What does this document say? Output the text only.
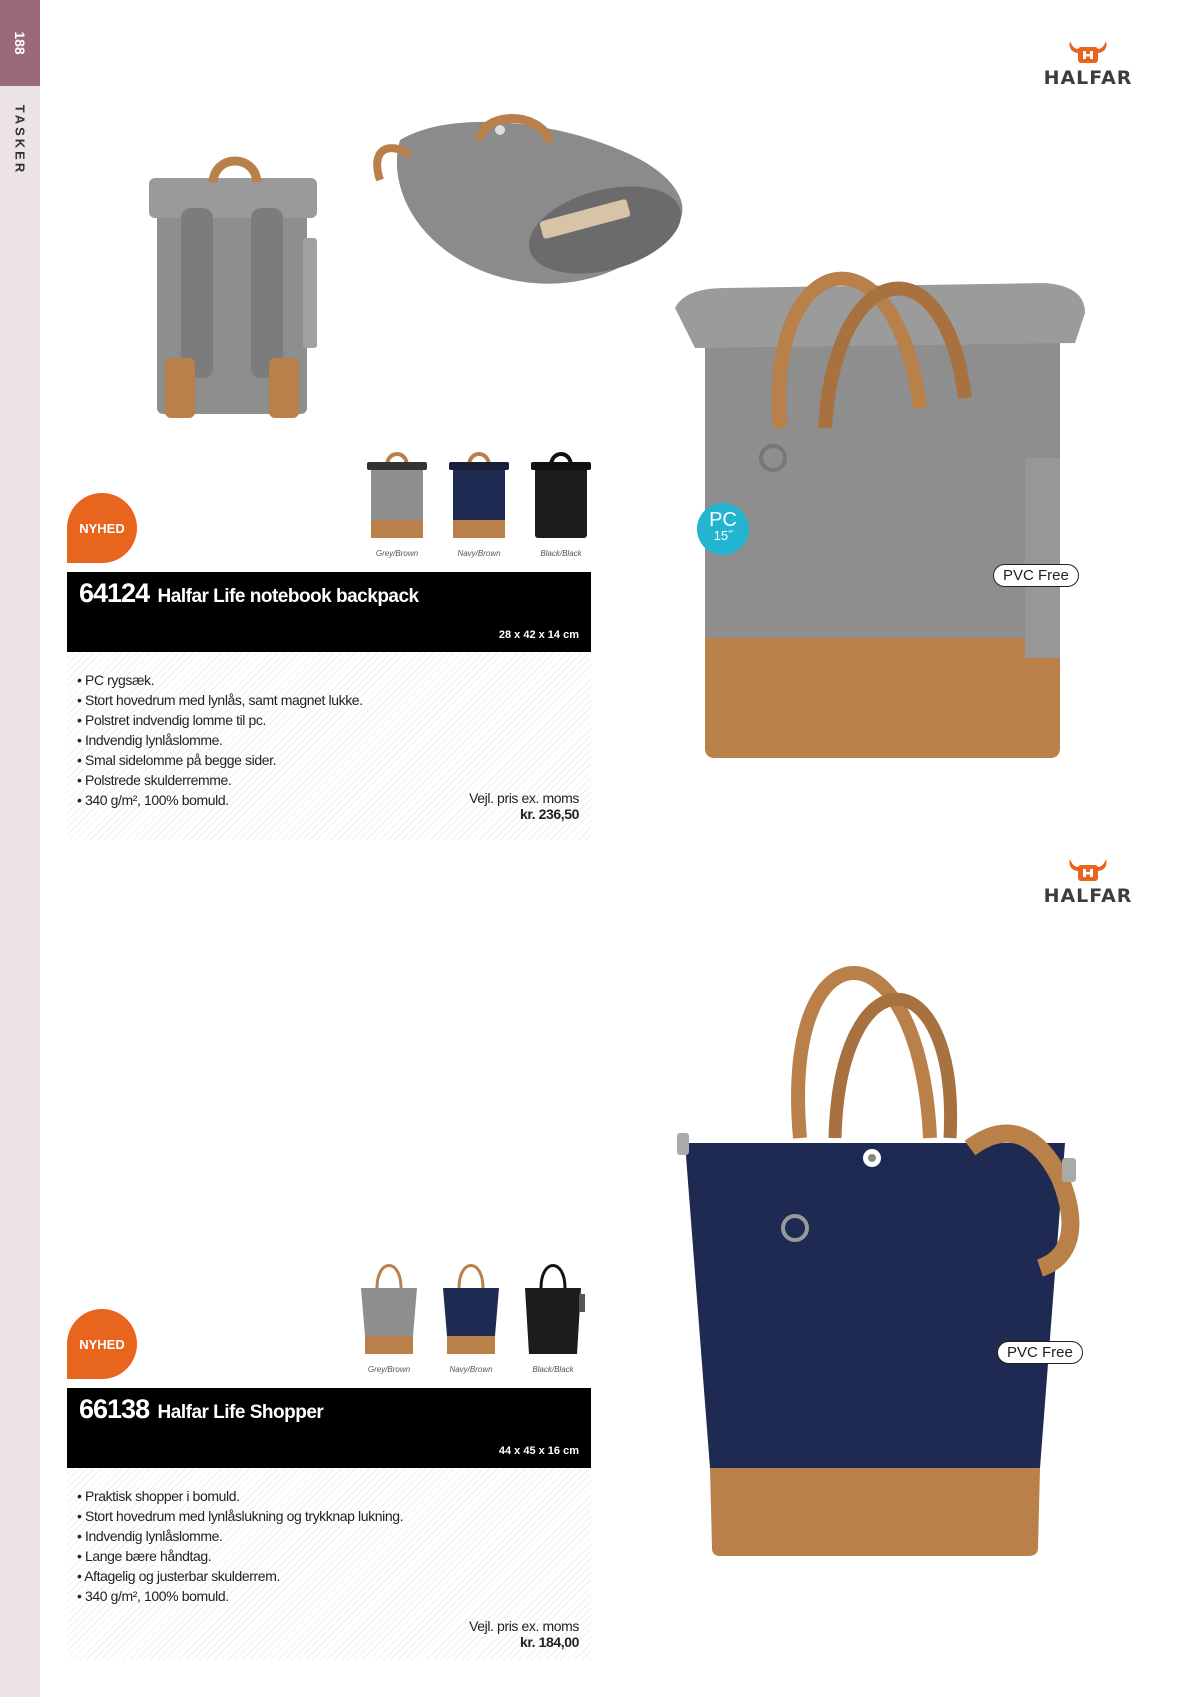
188
TASKER
HALFAR
Grey/Brown	Navy/Brown	Black/Black
NYHED	PC
15˝
PVC Free
64124 Halfar Life notebook backpack
28 x 42 x 14 cm
• PC rygsæk.
• Stort hovedrum med lynlås, samt magnet lukke.
• Polstret indvendig lomme til pc.
• Indvendig lynlåslomme.
• Smal sidelomme på begge sider.
• Polstrede skulderremme.
• 340 g/m², 100% bomuld.	Vejl. pris ex. moms
kr. 236,50
HALFAR
Grey/Brown	Navy/Brown	Black/Black
NYHED	PVC Free
66138 Halfar Life Shopper
44 x 45 x 16 cm
• Praktisk shopper i bomuld.
• Stort hovedrum med lynlåslukning og trykknap lukning.
• Indvendig lynlåslomme.
• Lange bære håndtag.
• Aftagelig og justerbar skulderrem.
• 340 g/m², 100% bomuld.
Vejl. pris ex. moms
kr. 184,00
